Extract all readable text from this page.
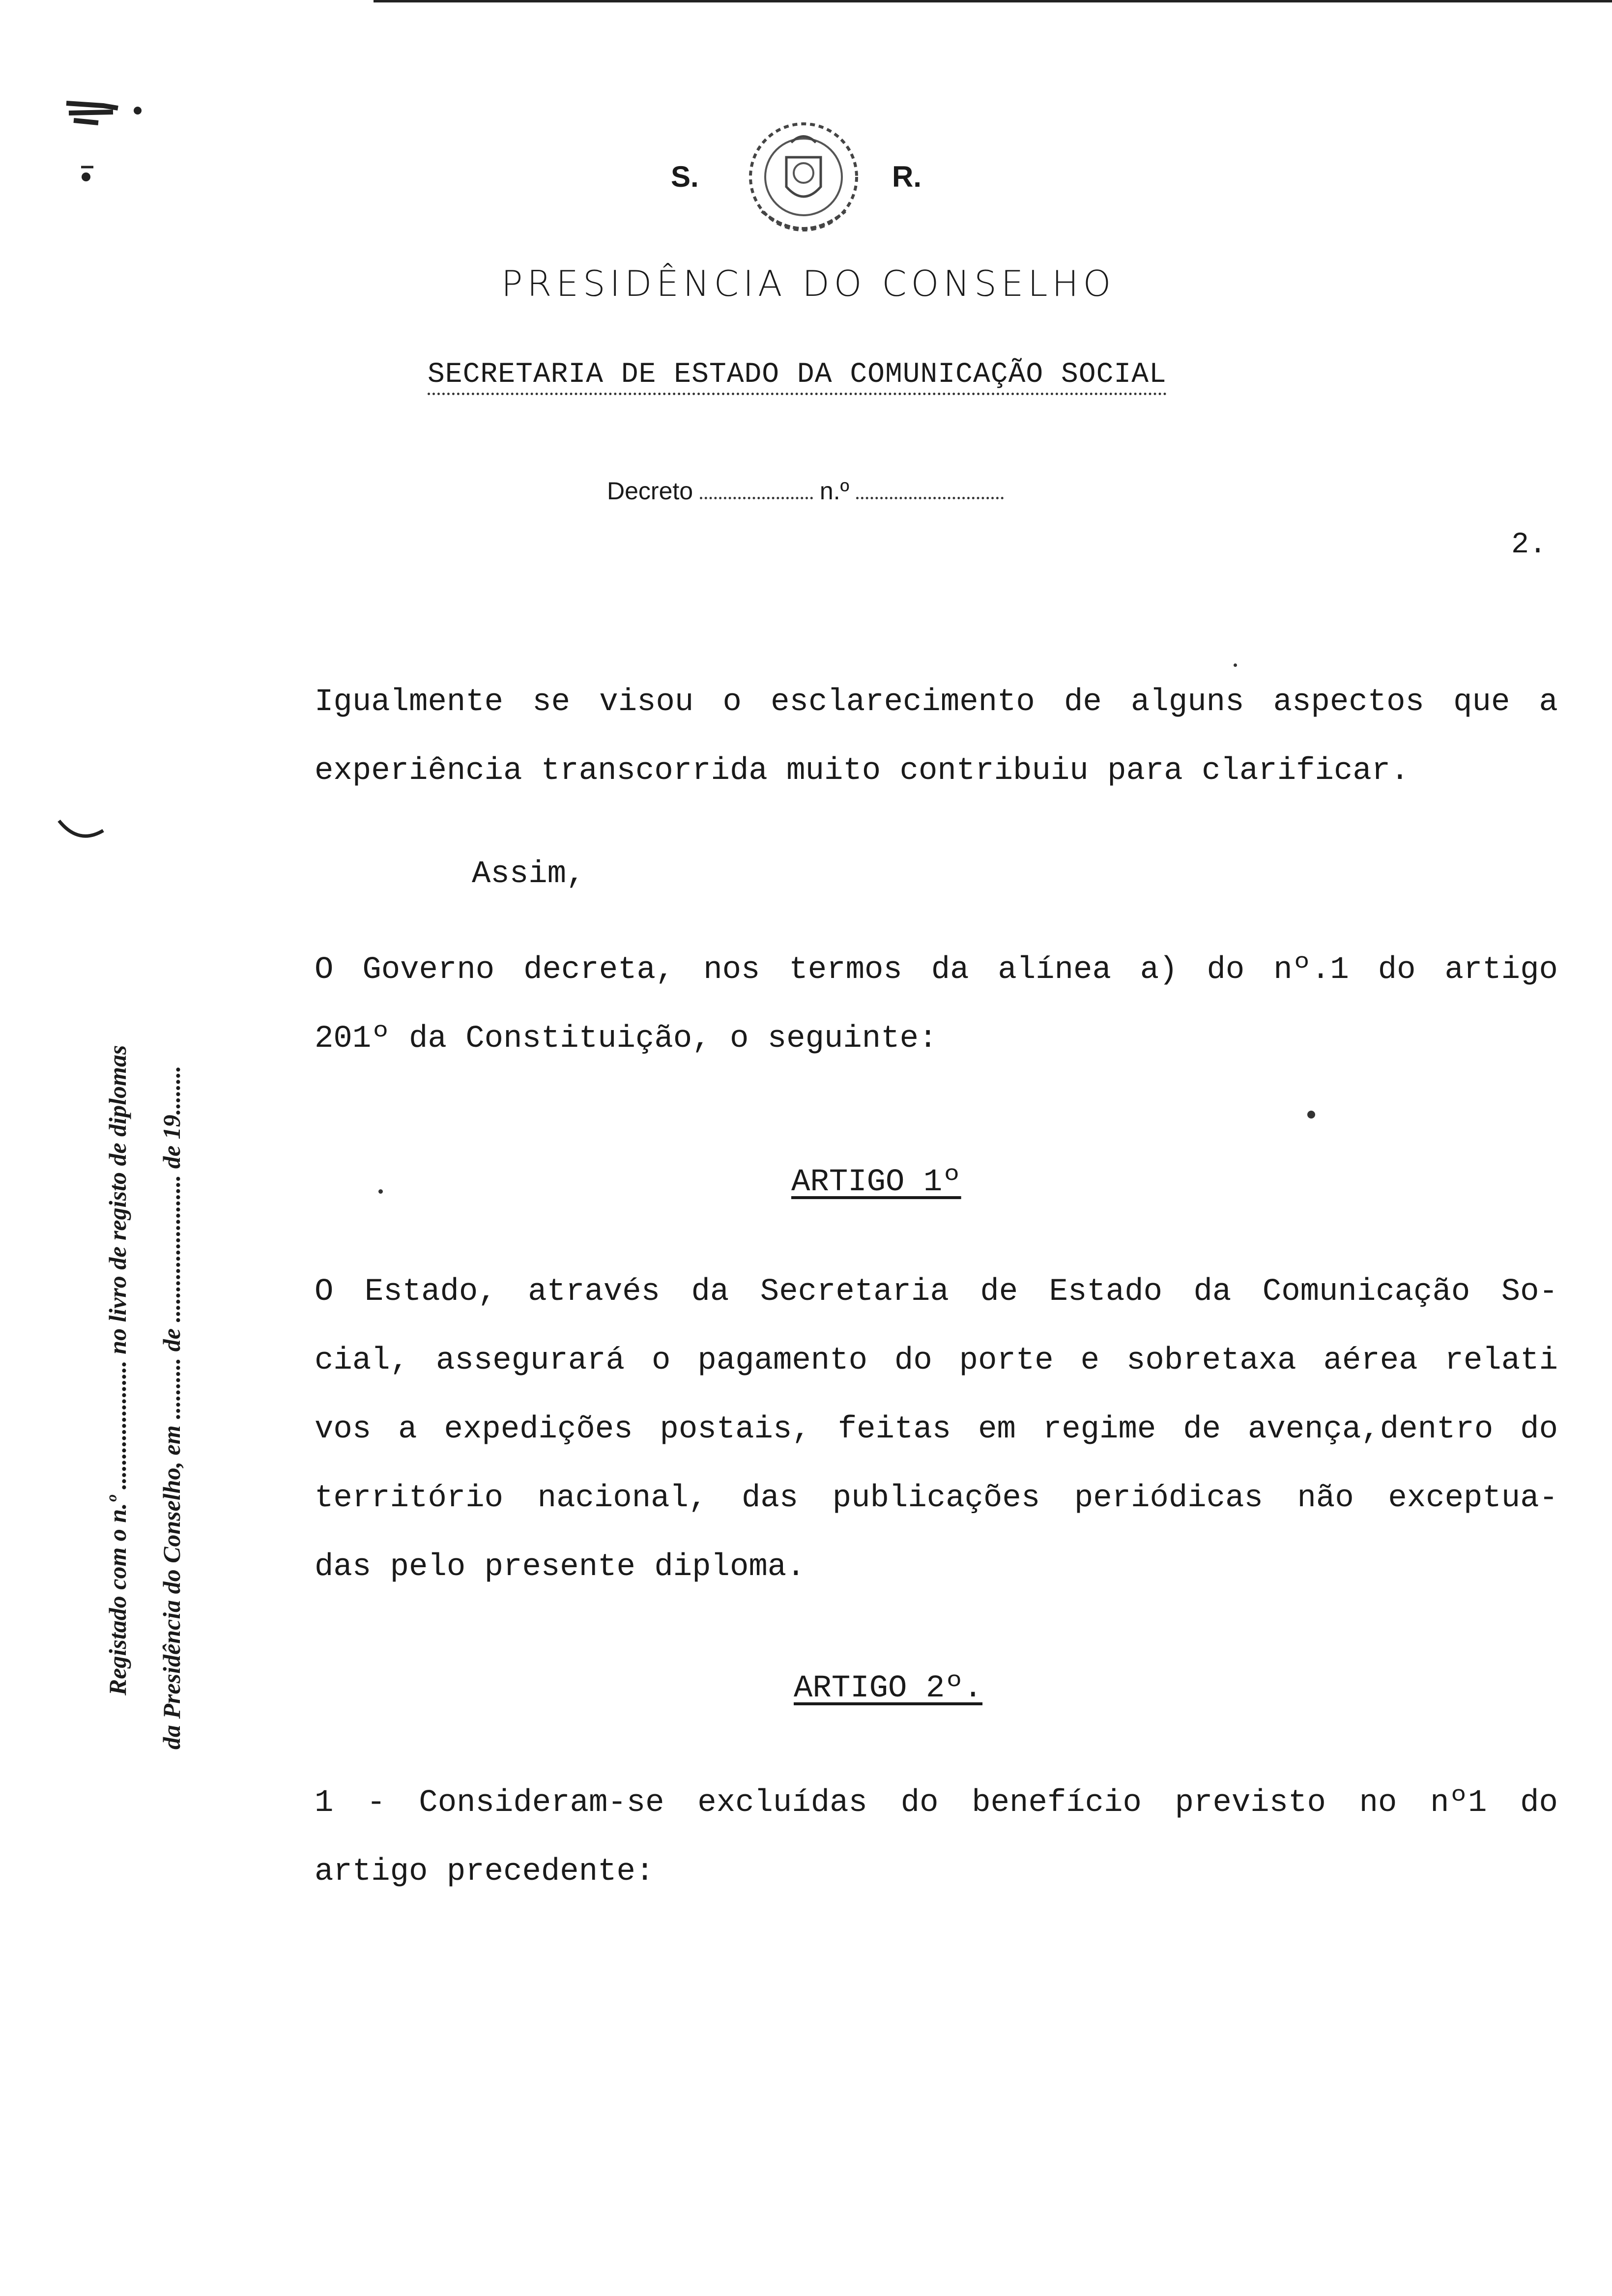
S.	R.
PRESIDÊNCIA DO CONSELHO
SECRETARIA DE ESTADO DA COMUNICAÇÃO SOCIAL
Decreto	n.º
2.
Registado com o n.º ..................... no livro de registo de diplomas da Presidência do Conselho, em .......... de ........................ de 19........
Igualmente se visou o esclarecimento de alguns aspectos que a
experiência transcorrida muito contribuiu para clarificar.
Assim,
O Governo decreta, nos termos da alínea a) do nº.1 do artigo
201º da Constituição, o seguinte:
ARTIGO 1º
O Estado, através da Secretaria de Estado da Comunicação So-
cial, assegurará o pagamento do porte e sobretaxa aérea relati
vos a expedições postais, feitas em regime de avença,dentro do
território nacional, das publicações periódicas não exceptua-
das pelo presente diploma.
ARTIGO 2º.
1 - Consideram-se excluídas do benefício previsto no nº1 do
artigo precedente:
